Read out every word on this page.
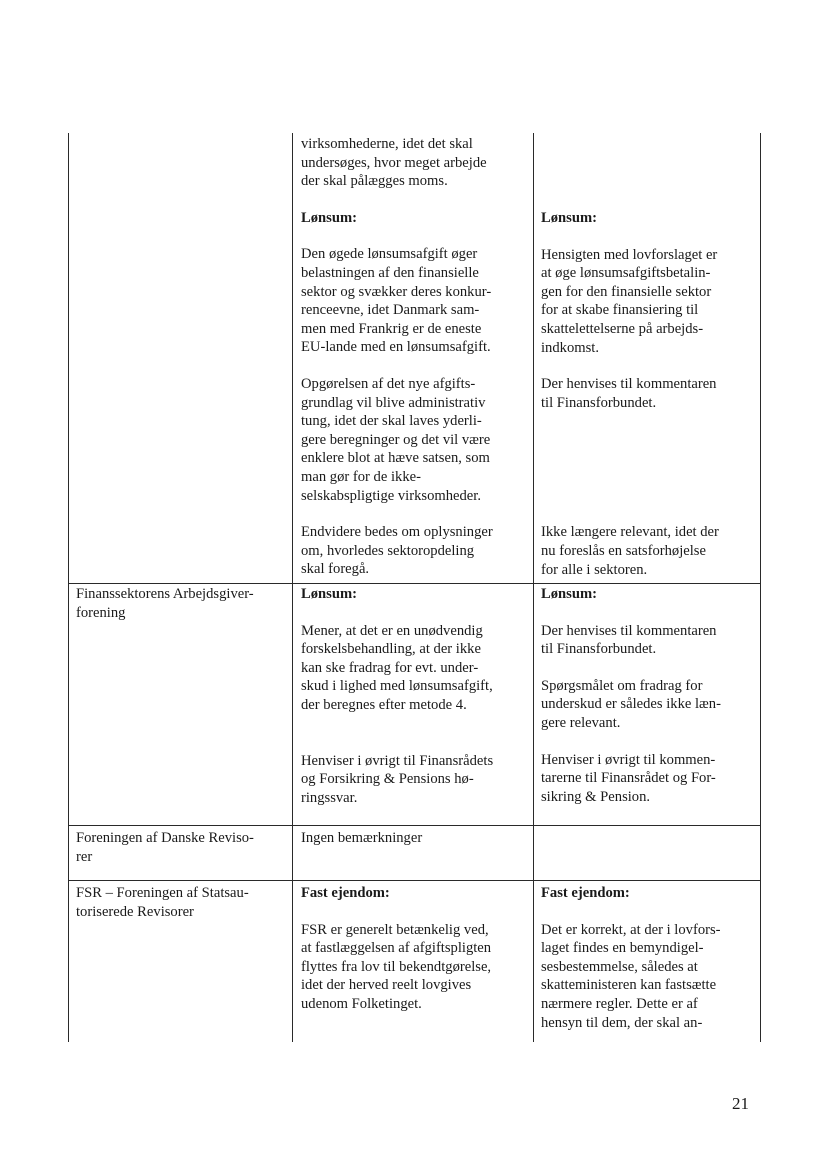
virksomhederne, idet det skal
undersøges, hvor meget arbejde
der skal pålægges moms.

Lønsum:

Den øgede lønsumsafgift øger
belastningen af den finansielle
sektor og svækker deres konkur-
renceevne, idet Danmark sam-
men med Frankrig er de eneste
EU-lande med en lønsumsafgift.

Opgørelsen af det nye afgifts-
grundlag vil blive administrativ
tung, idet der skal laves yderli-
gere beregninger og det vil være
enklere blot at hæve satsen, som
man gør for de ikke-
selskabspligtige virksomheder.

Endvidere bedes om oplysninger
om, hvorledes sektoropdeling
skal foregå.

Lønsum:

Hensigten med lovforslaget er
at øge lønsumsafgiftsbetalin-
gen for den finansielle sektor
for at skabe finansiering til
skattelettelserne på arbejds-
indkomst.

Der henvises til kommentaren
til Finansforbundet.

Ikke længere relevant, idet der
nu foreslås en satsforhøjelse
for alle i sektoren.

Finanssektorens Arbejdsgiver-
forening

Lønsum:

Mener, at det er en unødvendig
forskelsbehandling, at der ikke
kan ske fradrag for evt. under-
skud i lighed med lønsumsafgift,
der beregnes efter metode 4.

Henviser i øvrigt til Finansrådets
og Forsikring & Pensions hø-
ringssvar.

Lønsum:

Der henvises til kommentaren
til Finansforbundet.

Spørgsmålet om fradrag for
underskud er således ikke læn-
gere relevant.

Henviser i øvrigt til kommen-
tarerne til Finansrådet og For-
sikring & Pension.

Foreningen af Danske Reviso-
rer
Ingen bemærkninger
FSR – Foreningen af Statsau-
toriserede Revisorer

Fast ejendom:

FSR er generelt betænkelig ved,
at fastlæggelsen af afgiftspligten
flyttes fra lov til bekendtgørelse,
idet der herved reelt lovgives
udenom Folketinget.

Fast ejendom:

Det er korrekt, at der i lovfors-
laget findes en bemyndigel-
sesbestemmelse, således at
skatteministeren kan fastsætte
nærmere regler. Dette er af
hensyn til dem, der skal an-

21
